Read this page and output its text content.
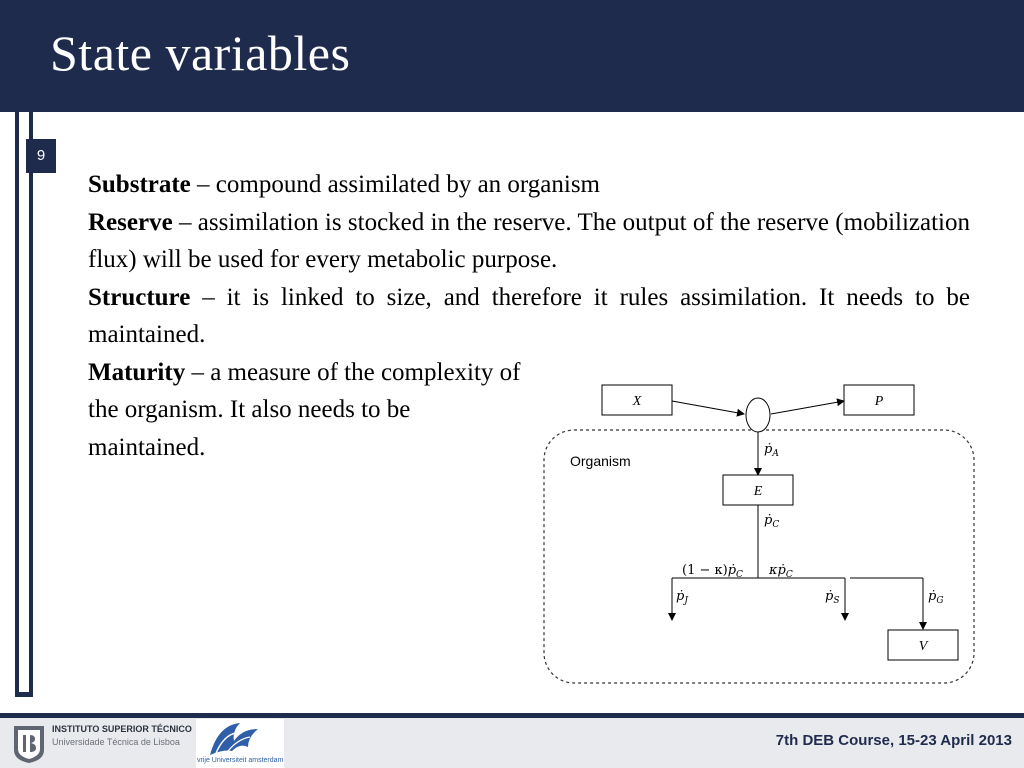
State variables
9

Substrate – compound assimilated by an organism

Reserve – assimilation is stocked in the reserve. The output of the reserve (mobilization flux) will be used for every metabolic purpose.

Structure – it is linked to size, and therefore it rules assimilation. It needs to be maintained.

Maturity – a measure of the complexity of the organism. It also needs to be maintained.

Organism
X	P
ṗ$_A$
E
ṗ$_C$
(1 − κ)ṗ$_C$ κṗ$_C$
ṗ$_J$	ṗ$_S$	ṗ$_G$
V
INSTITUTO SUPERIOR TÉCNICO
Universidade Técnica de Lisboa
vrije Universiteit amsterdam
7th DEB Course, 15-23 April 2013
